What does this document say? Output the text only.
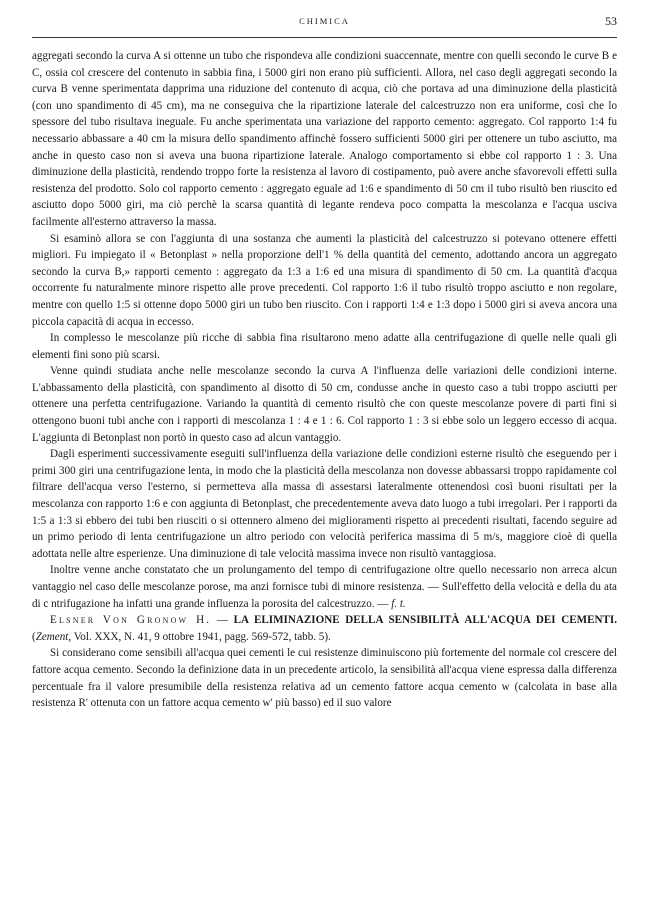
CHIMICA	53

aggregati secondo la curva A si ottenne un tubo che rispondeva alle condizioni suaccennate, mentre con quelli secondo le curve B e C, ossia col crescere del contenuto in sabbia fina, i 5000 giri non erano più sufficienti. Allora, nel caso degli aggregati secondo la curva B venne sperimentata dapprima una riduzione del contenuto di acqua, ciò che portava ad una diminuzione della plasticità (con uno spandimento di 45 cm), ma ne conseguiva che la ripartizione laterale del calcestruzzo non era uniforme, così che lo spessore del tubo risultava ineguale. Fu anche sperimentata una variazione del rapporto cemento: aggregato. Col rapporto 1:4 fu necessario abbassare a 40 cm la misura dello spandimento affinchè fossero sufficienti 5000 giri per ottenere un tubo asciutto, ma anche in questo caso non si aveva una buona ripartizione laterale. Analogo comportamento si ebbe col rapporto 1 : 3. Una diminuzione della plasticità, rendendo troppo forte la resistenza al lavoro di costipamento, può avere anche sfavorevoli effetti sulla resistenza del prodotto. Solo col rapporto cemento : aggregato eguale ad 1:6 e spandimento di 50 cm il tubo risultò ben riuscito ed asciutto dopo 5000 giri, ma ciò perchè la scarsa quantità di legante rendeva poco compatta la mescolanza e l'acqua usciva facilmente all'esterno attraverso la massa.

Si esaminò allora se con l'aggiunta di una sostanza che aumenti la plasticità del calcestruzzo si potevano ottenere effetti migliori. Fu impiegato il « Betonplast » nella proporzione dell'1 % della quantità del cemento, adottando ancora un aggregato secondo la curva B,» rapporti cemento : aggregato da 1:3 a 1:6 ed una misura di spandimento di 50 cm. La quantità d'acqua occorrente fu naturalmente minore rispetto alle prove precedenti. Col rapporto 1:6 il tubo risultò troppo asciutto e non regolare, mentre con quello 1:5 si ottenne dopo 5000 giri un tubo ben riuscito. Con i rapporti 1:4 e 1:3 dopo i 5000 giri si aveva ancora una piccola capacità di acqua in eccesso.

In complesso le mescolanze più ricche di sabbia fina risultarono meno adatte alla centrifugazione di quelle nelle quali gli elementi fini sono più scarsi.

Venne quindi studiata anche nelle mescolanze secondo la curva A l'influenza delle variazioni delle condizioni interne. L'abbassamento della plasticità, con spandimento al disotto di 50 cm, condusse anche in questo caso a tubi troppo asciutti per ottenere una perfetta centrifugazione. Variando la quantità di cemento risultò che con queste mescolanze povere di parti fini si ottengono buoni tubi anche con i rapporti di mescolanza 1 : 4 e 1 : 6. Col rapporto 1 : 3 si ebbe solo un leggero eccesso di acqua. L'aggiunta di Betonplast non portò in questo caso ad alcun vantaggio.

Dagli esperimenti successivamente eseguiti sull'influenza della variazione delle condizioni esterne risultò che eseguendo per i primi 300 giri una centrifugazione lenta, in modo che la plasticità della mescolanza non dovesse abbassarsi troppo rapidamente col filtrare dell'acqua verso l'esterno, si permetteva alla massa di assestarsi lateralmente ottenendosi così buoni risultati per la mescolanza con rapporto 1:6 e con aggiunta di Betonplast, che precedentemente aveva dato luogo a tubi irregolari. Per i rapporti da 1:5 a 1:3 si ebbero dei tubi ben riusciti o si ottennero almeno dei miglioramenti rispetto ai precedenti risultati, facendo seguire ad un primo periodo di lenta centrifugazione un altro periodo con velocità periferica massima di 5 m/s, maggiore cioè di quella adottata nelle altre esperienze. Una diminuzione di tale velocità massima invece non risultò vantaggiosa.

Inoltre venne anche constatato che un prolungamento del tempo di centrifugazione oltre quello necessario non arreca alcun vantaggio nel caso delle mescolanze porose, ma anzi fornisce tubi di minore resistenza. — Sull'effetto della velocità e della du ata di c ntrifugazione ha infatti una grande influenza la porosita del calcestruzzo. — f. t.

Elsner Von Gronow H. — LA ELIMINAZIONE DELLA SENSIBILITÀ ALL'ACQUA DEI CEMENTI. (Zement, Vol. XXX, N. 41, 9 ottobre 1941, pagg. 569-572, tabb. 5).

Si considerano come sensibili all'acqua quei cementi le cui resistenze diminuiscono più fortemente del normale col crescere del fattore acqua cemento. Secondo la definizione data in un precedente articolo, la sensibilità all'acqua viene espressa dalla differenza percentuale fra il valore presumibile della resistenza relativa ad un cemento fattore acqua cemento w (calcolata in base alla resistenza R' ottenuta con un fattore acqua cemento w' più basso) ed il suo valore
